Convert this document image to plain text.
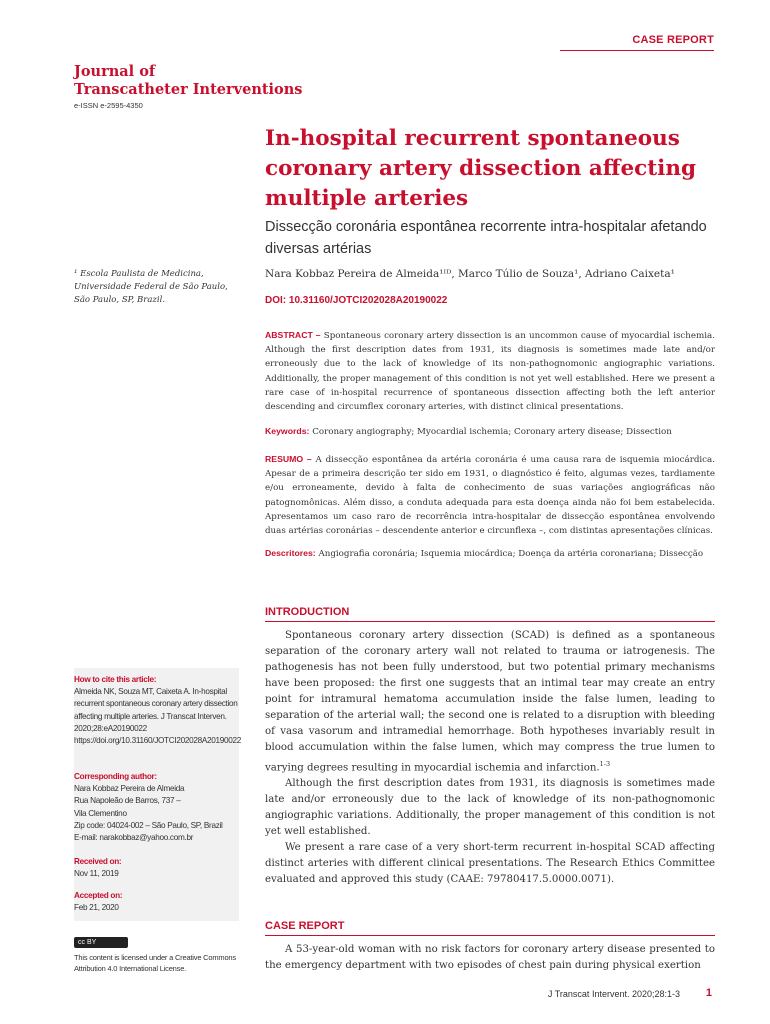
CASE REPORT
Journal of
Transcatheter Interventions
e-ISSN e-2595-4350
In-hospital recurrent spontaneous coronary artery dissection affecting multiple arteries
Dissecção coronária espontânea recorrente intra-hospitalar afetando diversas artérias
¹ Escola Paulista de Medicina, Universidade Federal de São Paulo, São Paulo, SP, Brazil.
Nara Kobbaz Pereira de Almeida¹ᴵᴰ, Marco Túlio de Souza¹, Adriano Caixeta¹
DOI: 10.31160/JOTCI202028A20190022
ABSTRACT – Spontaneous coronary artery dissection is an uncommon cause of myocardial ischemia. Although the first description dates from 1931, its diagnosis is sometimes made late and/or erroneously due to the lack of knowledge of its non-pathognomonic angiographic variations. Additionally, the proper management of this condition is not yet well established. Here we present a rare case of in-hospital recurrence of spontaneous dissection affecting both the left anterior descending and circumflex coronary arteries, with distinct clinical presentations.
Keywords: Coronary angiography; Myocardial ischemia; Coronary artery disease; Dissection
RESUMO – A dissecção espontânea da artéria coronária é uma causa rara de isquemia miocárdica. Apesar de a primeira descrição ter sido em 1931, o diagnóstico é feito, algumas vezes, tardiamente e/ou erroneamente, devido à falta de conhecimento de suas variações angiográficas não patognomônicas. Além disso, a conduta adequada para esta doença ainda não foi bem estabelecida. Apresentamos um caso raro de recorrência intra-hospitalar de dissecção espontânea envolvendo duas artérias coronárias – descendente anterior e circunflexa –, com distintas apresentações clínicas.
Descritores: Angiografia coronária; Isquemia miocárdica; Doença da artéria coronariana; Dissecção
INTRODUCTION

Spontaneous coronary artery dissection (SCAD) is defined as a spontaneous separation of the coronary artery wall not related to trauma or iatrogenesis. The pathogenesis has not been fully understood, but two potential primary mechanisms have been proposed: the first one suggests that an intimal tear may create an entry point for intramural hematoma accumulation inside the false lumen, leading to separation of the arterial wall; the second one is related to a disruption with bleeding of vasa vasorum and intramedial hemorrhage. Both hypotheses invariably result in blood accumulation within the false lumen, which may compress the true lumen to varying degrees resulting in myocardial ischemia and infarction.$^{1-3}$

Although the first description dates from 1931, its diagnosis is sometimes made late and/or erroneously due to the lack of knowledge of its non-pathognomonic angiographic variations. Additionally, the proper management of this condition is not yet well established.

We present a rare case of a very short-term recurrent in-hospital SCAD affecting distinct arteries with different clinical presentations. The Research Ethics Committee evaluated and approved this study (CAAE: 79780417.5.0000.0071).

CASE REPORT

A 53-year-old woman with no risk factors for coronary artery disease presented to the emergency department with two episodes of chest pain during physical exertion

How to cite this article:
Almeida NK, Souza MT, Caixeta A. In-hospital recurrent spontaneous coronary artery dissection affecting multiple arteries. J Transcat Interven. 2020;28:eA20190022 https://doi.org/10.31160/JOTCI202028A20190022
Corresponding author:
Nara Kobbaz Pereira de Almeida
Rua Napoleão de Barros, 737 –
Vila Clementino
Zip code: 04024-002 – São Paulo, SP, Brazil
E-mail: narakobbaz@yahoo.com.br
Received on:
Nov 11, 2019
Accepted on:
Feb 21, 2020
cc BY
This content is licensed under a Creative Commons Attribution 4.0 International License.
J Transcat Intervent. 2020;28:1-3 1
